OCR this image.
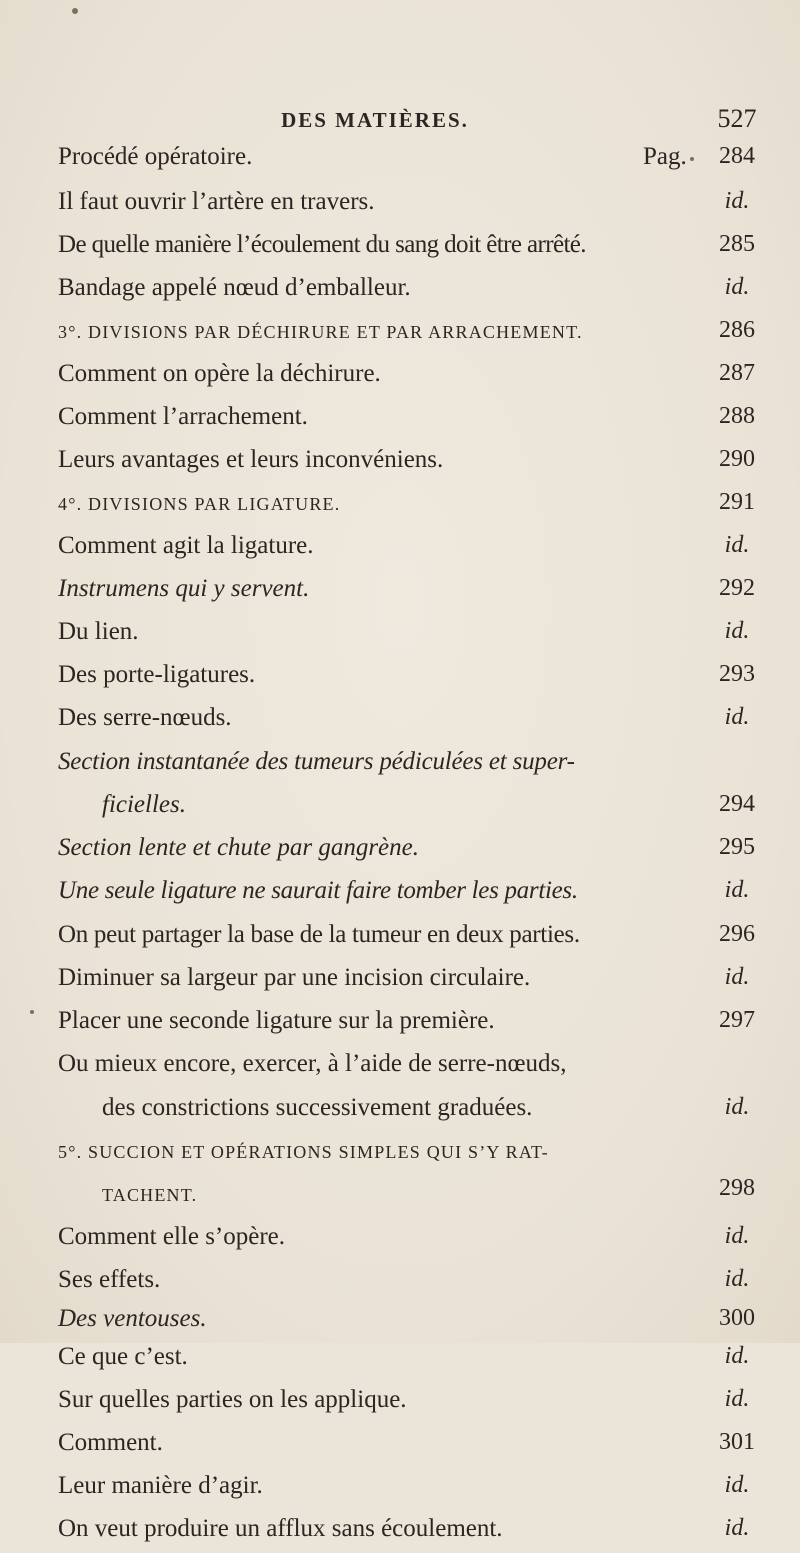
DES MATIÈRES.	527
Pag.
Procédé opératoire.	284
Il faut ouvrir l’artère en travers.	id.
De quelle manière l’écoulement du sang doit être arrêté.	285
Bandage appelé nœud d’emballeur.	id.
3°. DIVISIONS PAR DÉCHIRURE ET PAR ARRACHEMENT.	286
Comment on opère la déchirure.	287
Comment l’arrachement.	288
Leurs avantages et leurs inconvéniens.	290
4°. DIVISIONS PAR LIGATURE.	291
Comment agit la ligature.	id.
Instrumens qui y servent.	292
Du lien.	id.
Des porte-ligatures.	293
Des serre-nœuds.	id.
Section instantanée des tumeurs pédiculées et super-
ficielles.	294
Section lente et chute par gangrène.	295
Une seule ligature ne saurait faire tomber les parties.	id.
On peut partager la base de la tumeur en deux parties.	296
Diminuer sa largeur par une incision circulaire.	id.
Placer une seconde ligature sur la première.	297
Ou mieux encore, exercer, à l’aide de serre-nœuds,
des constrictions successivement graduées.	id.
5°. SUCCION ET OPÉRATIONS SIMPLES QUI S’Y RAT-
TACHENT.	298
Comment elle s’opère.	id.
Ses effets.	id.
Des ventouses.	300
Ce que c’est.	id.
Sur quelles parties on les applique.	id.
Comment.	301
Leur manière d’agir.	id.
On veut produire un afflux sans écoulement.	id.
